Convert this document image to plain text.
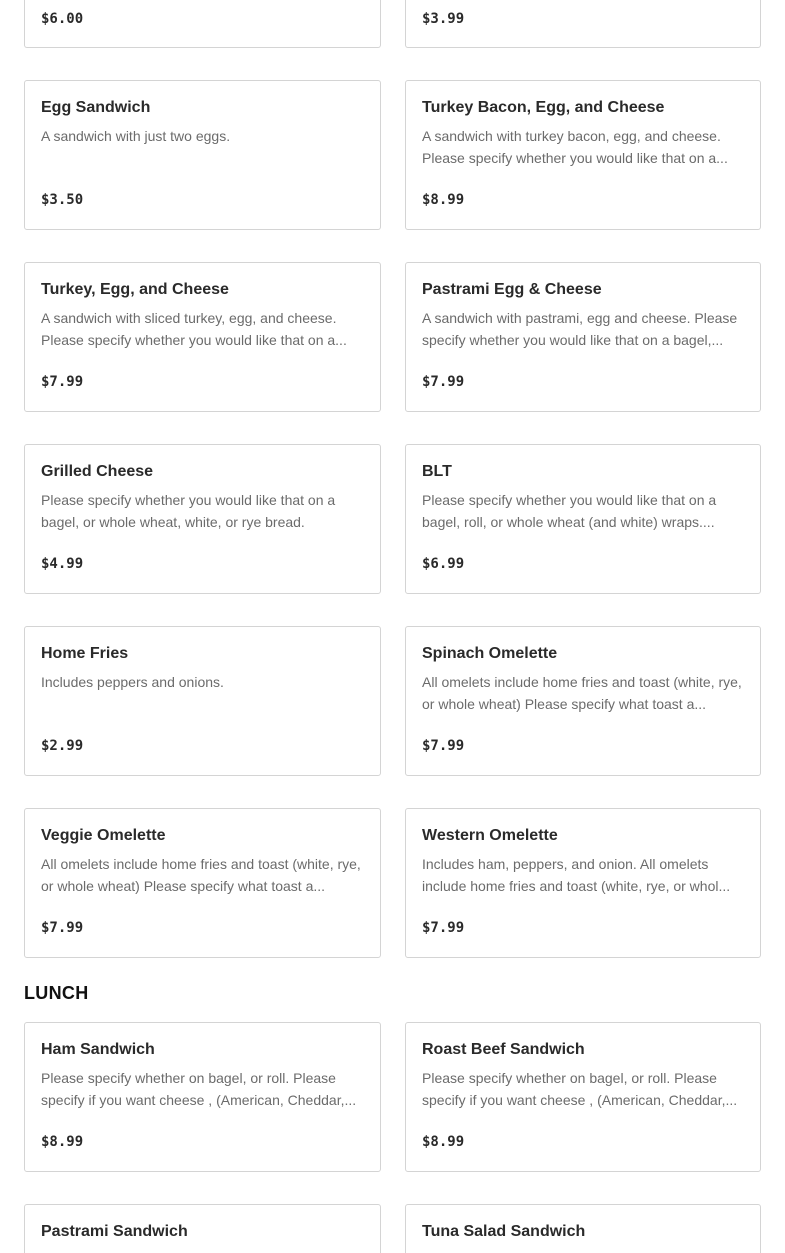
$6.00	$3.99
Egg Sandwich
A sandwich with just two eggs.
$3.50
Turkey Bacon, Egg, and Cheese
A sandwich with turkey bacon, egg, and cheese. Please specify whether you would like that on a...
$8.99
Turkey, Egg, and Cheese
A sandwich with sliced turkey, egg, and cheese. Please specify whether you would like that on a...
$7.99
Pastrami Egg & Cheese
A sandwich with pastrami, egg and cheese. Please specify whether you would like that on a bagel,...
$7.99
Grilled Cheese
Please specify whether you would like that on a bagel, or whole wheat, white, or rye bread.
$4.99
BLT
Please specify whether you would like that on a bagel, roll, or whole wheat (and white) wraps....
$6.99
Home Fries
Includes peppers and onions.
$2.99
Spinach Omelette
All omelets include home fries and toast (white, rye, or whole wheat) Please specify what toast a...
$7.99
Veggie Omelette
All omelets include home fries and toast (white, rye, or whole wheat) Please specify what toast a...
$7.99
Western Omelette
Includes ham, peppers, and onion. All omelets include home fries and toast (white, rye, or whol...
$7.99
LUNCH
Ham Sandwich
Please specify whether on bagel, or roll. Please specify if you want cheese , (American, Cheddar,...
$8.99
Roast Beef Sandwich
Please specify whether on bagel, or roll. Please specify if you want cheese , (American, Cheddar,...
$8.99
Pastrami Sandwich	Tuna Salad Sandwich
